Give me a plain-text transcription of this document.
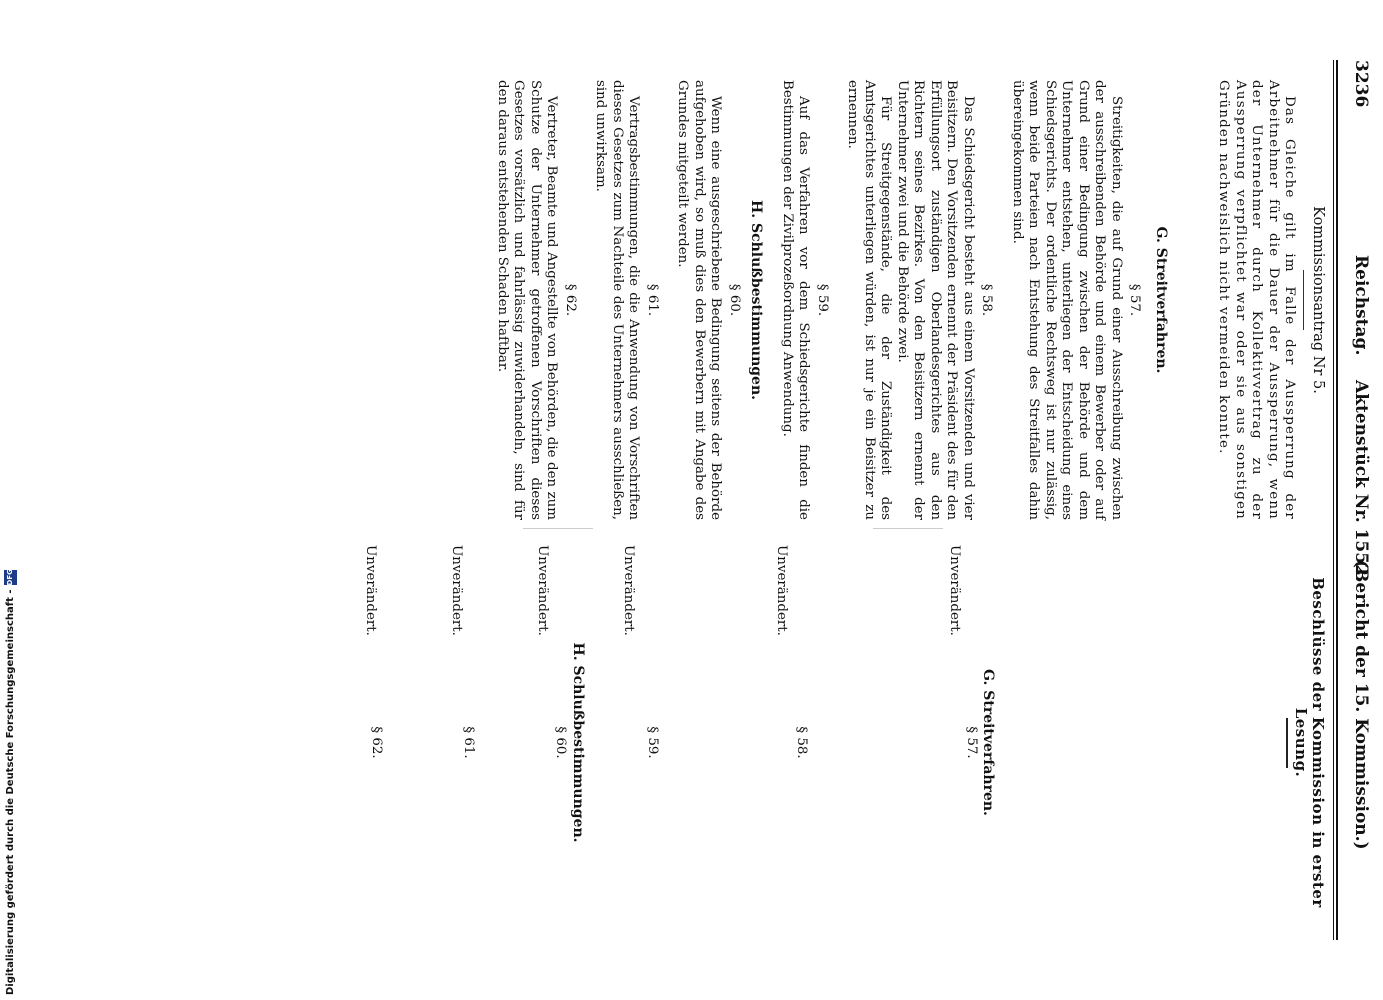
3236
Reichstag.
Aktenstück Nr. 1552.
(Bericht der 15. Kommission.)

Kommissionsantrag Nr 5.

Das Gleiche gilt im Falle der Aussperrung der Arbeitnehmer für die Dauer der Aussperrung, wenn der Unternehmer durch Kollektivvertrag zu der Aussperrung verpflichtet war oder sie aus sonstigen Gründen nachweislich nicht vermeiden konnte.

G. Streitverfahren.

§ 57.

Streitigkeiten, die auf Grund einer Ausschreibung zwischen der ausschreibenden Behörde und einem Bewerber oder auf Grund einer Bedingung zwischen der Behörde und dem Unternehmer entstehen, unterliegen der Entscheidung eines Schiedsgerichts. Der ordentliche Rechtsweg ist nur zulässig, wenn beide Parteien nach Entstehung des Streitfalles dahin übereingekommen sind.

§ 58.

Das Schiedsgericht besteht aus einem Vorsitzenden und vier Beisitzern. Den Vorsitzenden ernennt der Präsident des für den Erfüllungsort zuständigen Oberlandesgerichtes aus den Richtern seines Bezirkes. Von den Beisitzern ernennt der Unternehmer zwei und die Behörde zwei.

Für Streitgegenstände, die der Zuständigkeit des Amtsgerichtes unterliegen würden, ist nur je ein Beisitzer zu ernennen.

§ 59.

Auf das Verfahren vor dem Schiedsgerichte finden die Bestimmungen der Zivilprozeßordnung Anwendung.

H. Schlußbestimmungen.

§ 60.

Wenn eine ausgeschriebene Bedingung seitens der Behörde aufgehoben wird, so muß dies den Bewerbern mit Angabe des Grundes mitgeteilt werden.

§ 61.

Vertragsbestimmungen, die die Anwendung von Vorschriften dieses Gesetzes zum Nachteile des Unternehmers ausschließen, sind unwirksam.

§ 62.

Vertreter, Beamte und Angestellte von Behörden, die den zum Schutze der Unternehmer getroffenen Vorschriften dieses Gesetzes vorsätzlich und fahrlässig zuwiderhandeln, sind für den daraus entstehenden Schaden haftbar.

Beschlüsse der Kommission in erster Lesung.

G. Streitverfahren.

§ 57.

Unverändert.

§ 58.

Unverändert.

§ 59.

Unverändert.

H. Schlußbestimmungen.

§ 60.

Unverändert.

§ 61.

Unverändert.

§ 62.

Unverändert.

Digitalisierung gefördert durch die Deutsche Forschungsgemeinschaft -
DFG
